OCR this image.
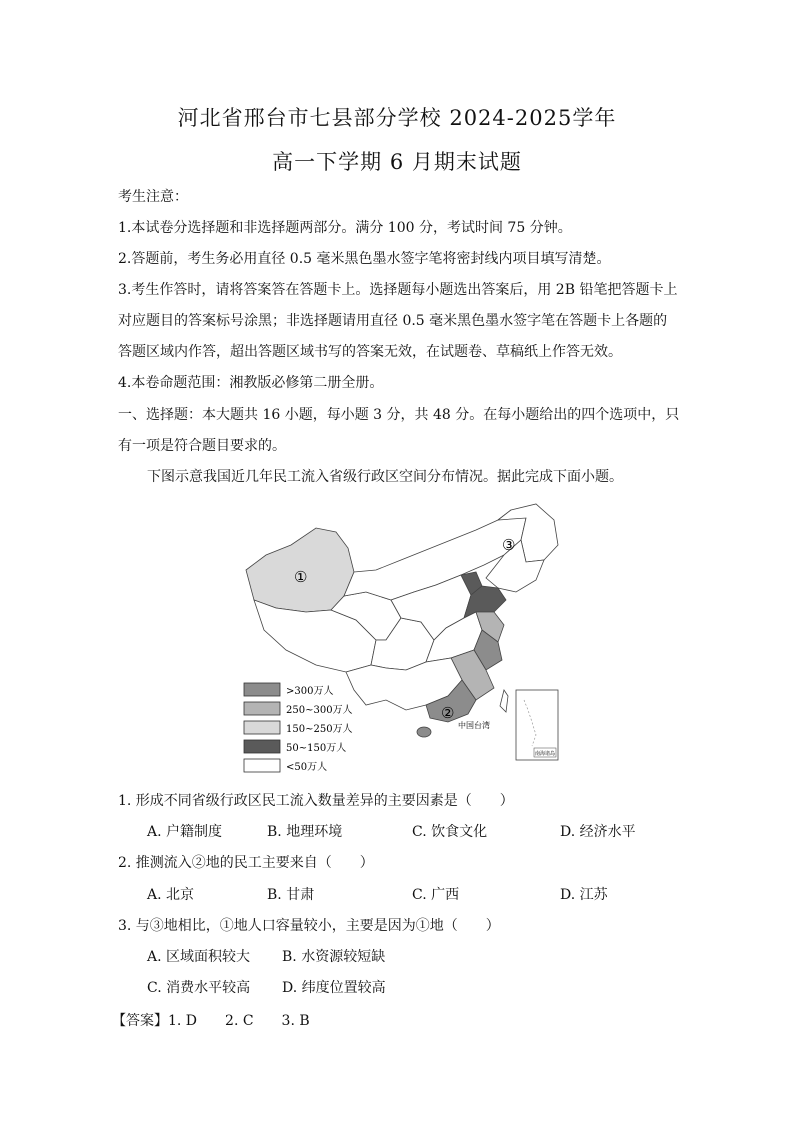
河北省邢台市七县部分学校 2024-2025学年
高一下学期 6 月期末试题
考生注意：
1.本试卷分选择题和非选择题两部分。满分 100 分，考试时间 75 分钟。
2.答题前，考生务必用直径 0.5 毫米黑色墨水签字笔将密封线内项目填写清楚。
3.考生作答时，请将答案答在答题卡上。选择题每小题选出答案后，用 2B 铅笔把答题卡上
对应题目的答案标号涂黑；非选择题请用直径 0.5 毫米黑色墨水签字笔在答题卡上各题的
答题区域内作答，超出答题区域书写的答案无效，在试题卷、草稿纸上作答无效。
4.本卷命题范围：湘教版必修第二册全册。
一、选择题：本大题共 16 小题，每小题 3 分，共 48 分。在每小题给出的四个选项中，只
有一项是符合题目要求的。
下图示意我国近几年民工流入省级行政区空间分布情况。据此完成下面小题。
①
②
③
中国台湾
南海诸岛
>300万人
250~300万人
150~250万人
50~150万人
<50万人
1. 形成不同省级行政区民工流入数量差异的主要因素是（　　）
A. 户籍制度	B. 地理环境	C. 饮食文化	D. 经济水平
2. 推测流入②地的民工主要来自（　　）
A. 北京	B. 甘肃	C. 广西	D. 江苏
3. 与③地相比，①地人口容量较小，主要是因为①地（　　）
A. 区域面积较大 B. 水资源较短缺
C. 消费水平较高 D. 纬度位置较高
【答案】1. D　　2. C　　3. B
